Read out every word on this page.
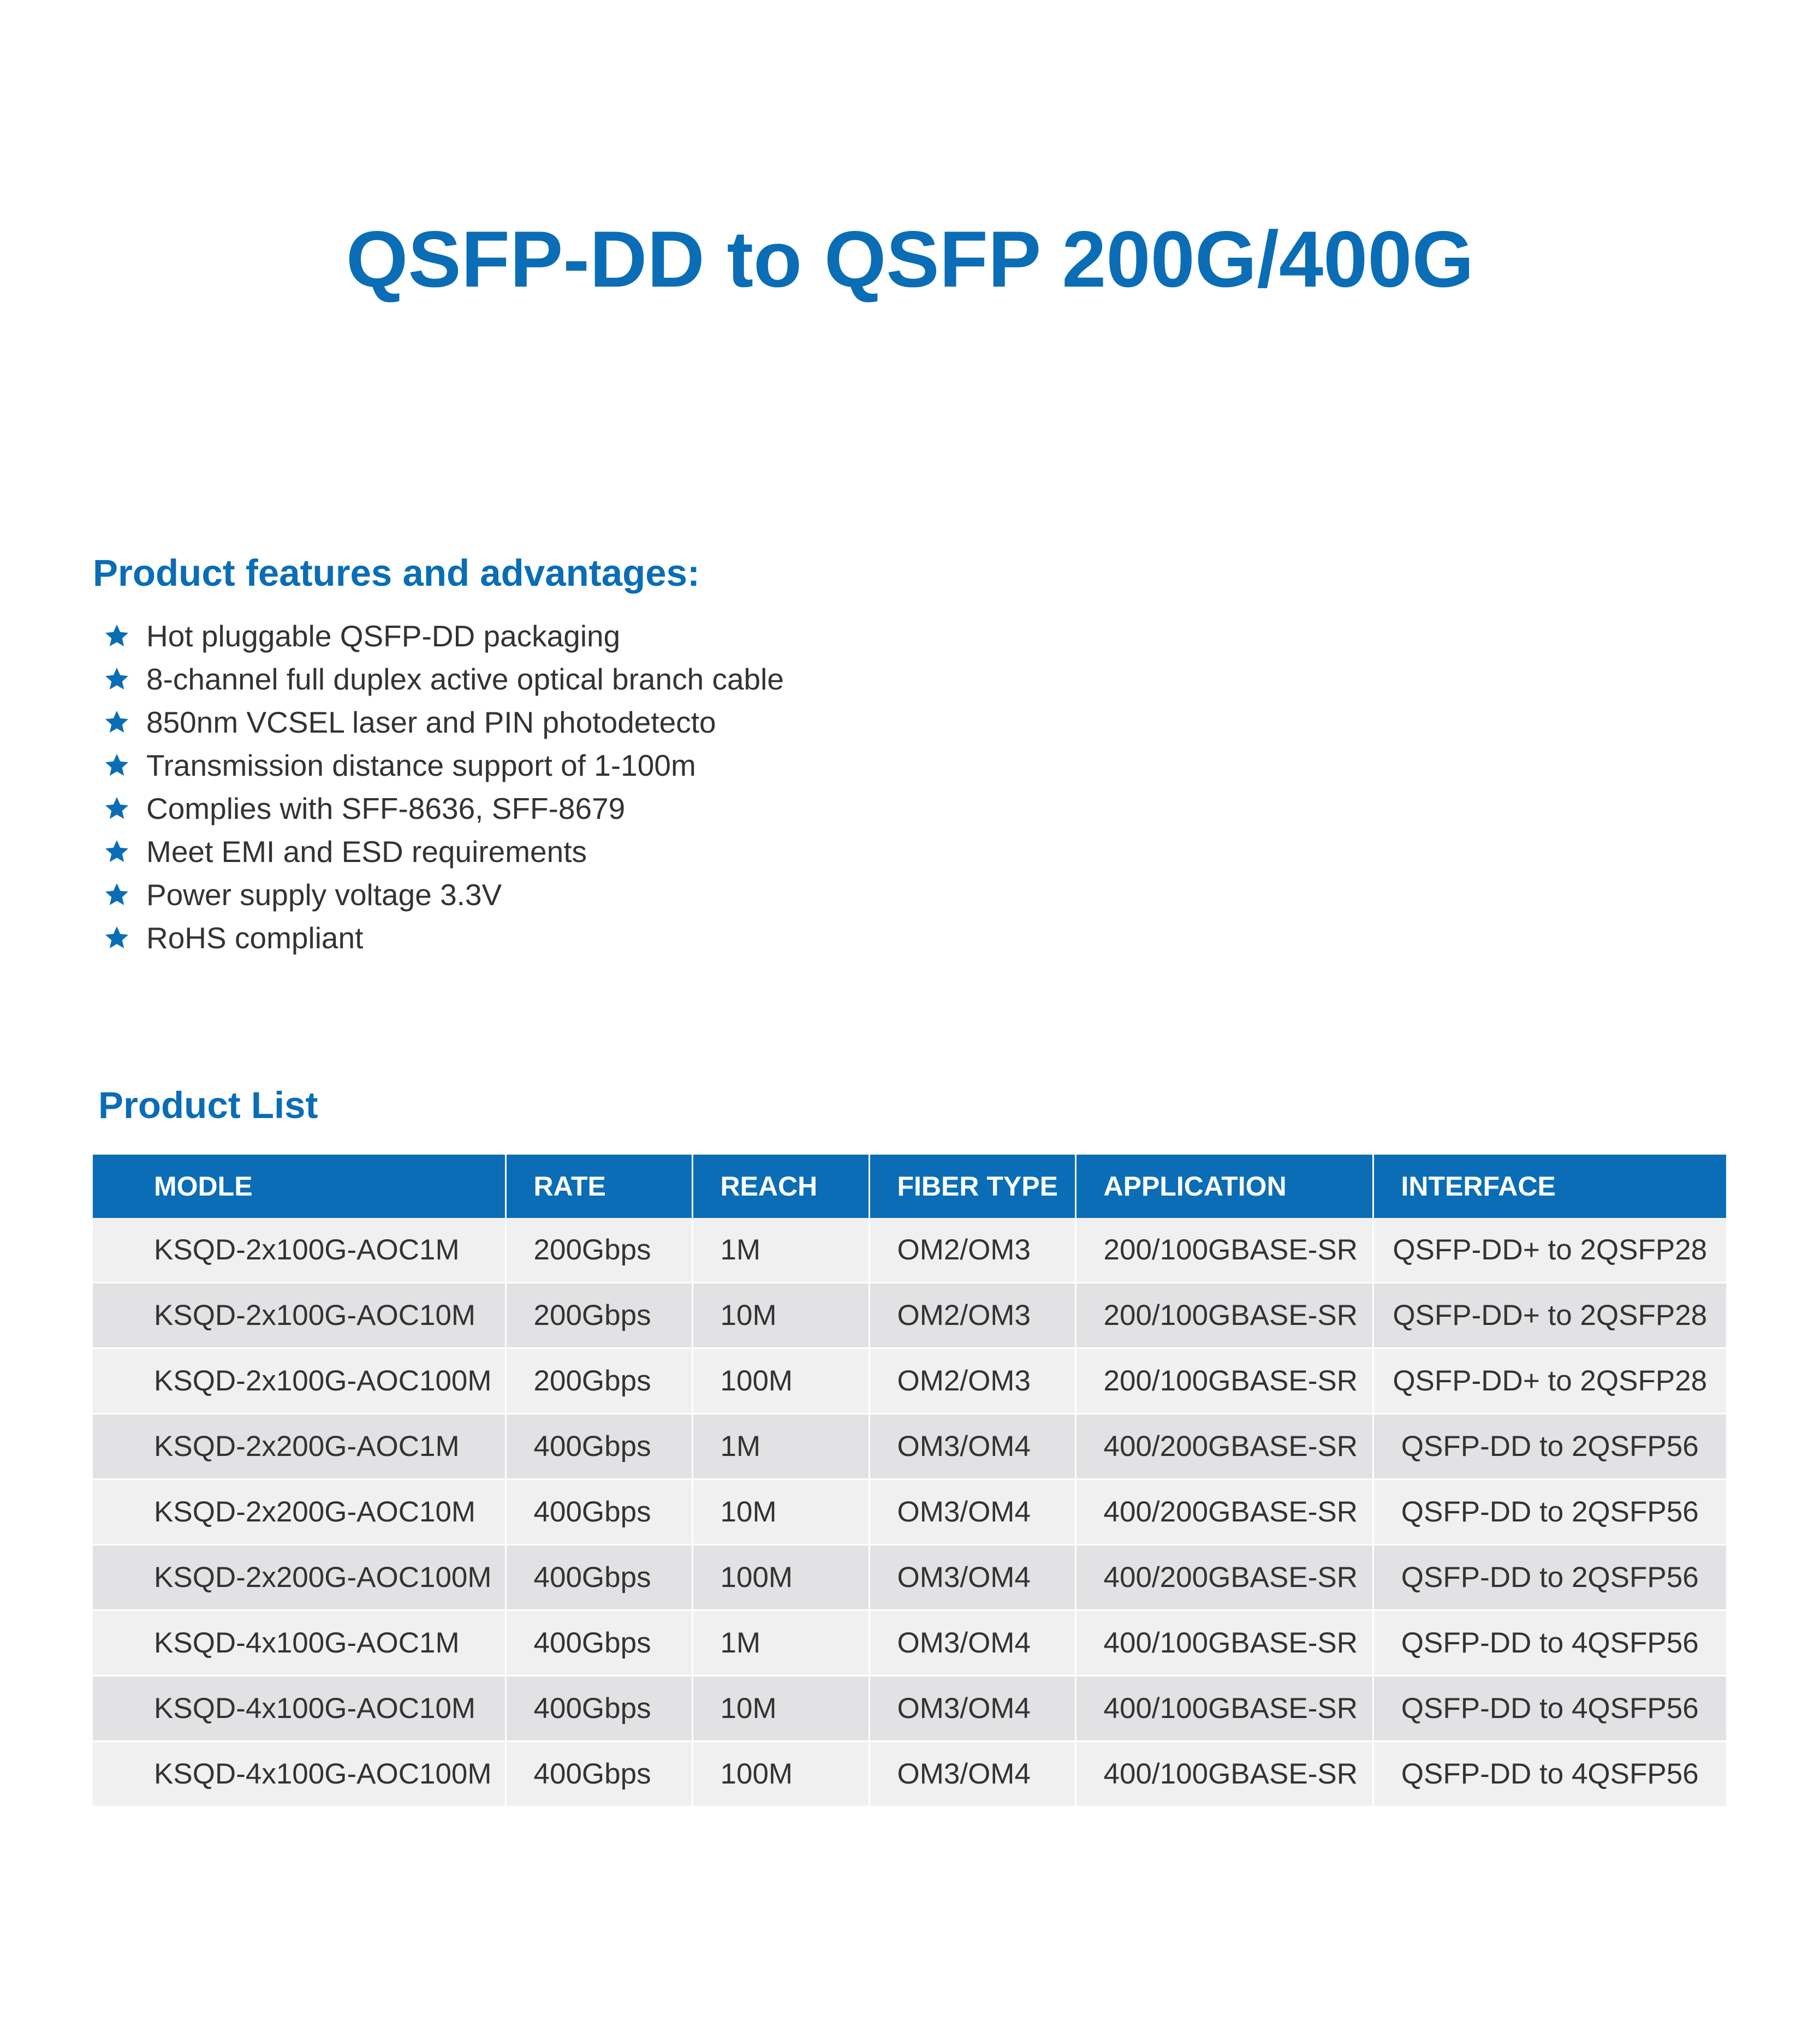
QSFP-DD to QSFP 200G/400G
Product features and advantages:
Hot pluggable QSFP-DD packaging
8-channel full duplex active optical branch cable
850nm VCSEL laser and PIN photodetecto
Transmission distance support of 1-100m
Complies with SFF-8636, SFF-8679
Meet EMI and ESD requirements
Power supply voltage 3.3V
RoHS compliant
Product List
MODLE	RATE	REACH	FIBER TYPE	APPLICATION	INTERFACE
KSQD-2x100G-AOC1M	200Gbps	1M	OM2/OM3	200/100GBASE-SR	QSFP-DD+ to 2QSFP28
KSQD-2x100G-AOC10M	200Gbps	10M	OM2/OM3	200/100GBASE-SR	QSFP-DD+ to 2QSFP28
KSQD-2x100G-AOC100M	200Gbps	100M	OM2/OM3	200/100GBASE-SR	QSFP-DD+ to 2QSFP28
KSQD-2x200G-AOC1M	400Gbps	1M	OM3/OM4	400/200GBASE-SR	QSFP-DD to 2QSFP56
KSQD-2x200G-AOC10M	400Gbps	10M	OM3/OM4	400/200GBASE-SR	QSFP-DD to 2QSFP56
KSQD-2x200G-AOC100M	400Gbps	100M	OM3/OM4	400/200GBASE-SR	QSFP-DD to 2QSFP56
KSQD-4x100G-AOC1M	400Gbps	1M	OM3/OM4	400/100GBASE-SR	QSFP-DD to 4QSFP56
KSQD-4x100G-AOC10M	400Gbps	10M	OM3/OM4	400/100GBASE-SR	QSFP-DD to 4QSFP56
KSQD-4x100G-AOC100M	400Gbps	100M	OM3/OM4	400/100GBASE-SR	QSFP-DD to 4QSFP56
